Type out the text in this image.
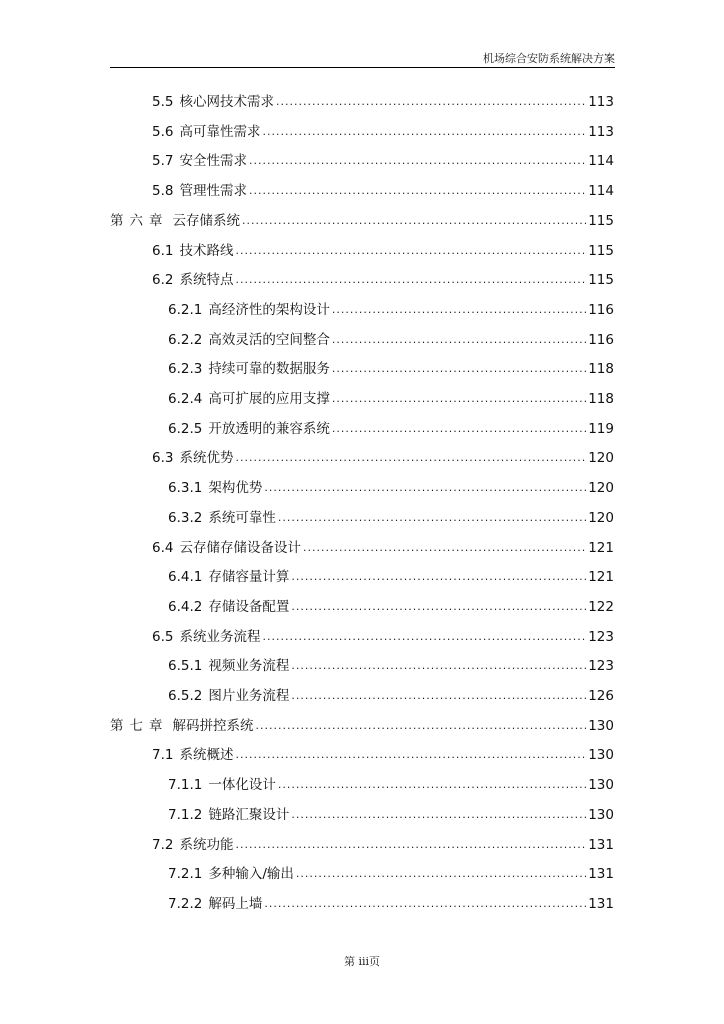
机场综合安防系统解决方案
5.5 核心网技术需求 .....	113
5.6 高可靠性需求 .....	113
5.7 安全性需求 .....	114
5.8 管理性需求 .....	114
第六章 云存储系统 .....	115
6.1 技术路线 .....	115
6.2 系统特点 .....	115
6.2.1 高经济性的架构设计 .....	116
6.2.2 高效灵活的空间整合 .....	116
6.2.3 持续可靠的数据服务 .....	118
6.2.4 高可扩展的应用支撑 .....	118
6.2.5 开放透明的兼容系统 .....	119
6.3 系统优势 .....	120
6.3.1 架构优势 .....	120
6.3.2 系统可靠性 .....	120
6.4 云存储存储设备设计 .....	121
6.4.1 存储容量计算 .....	121
6.4.2 存储设备配置 .....	122
6.5 系统业务流程 .....	123
6.5.1 视频业务流程 .....	123
6.5.2 图片业务流程 .....	126
第七章 解码拼控系统 .....	130
7.1 系统概述 .....	130
7.1.1 一体化设计 .....	130
7.1.2 链路汇聚设计 .....	130
7.2 系统功能 .....	131
7.2.1 多种输入/输出 .....	131
7.2.2 解码上墙 .....	131
第 iii页
